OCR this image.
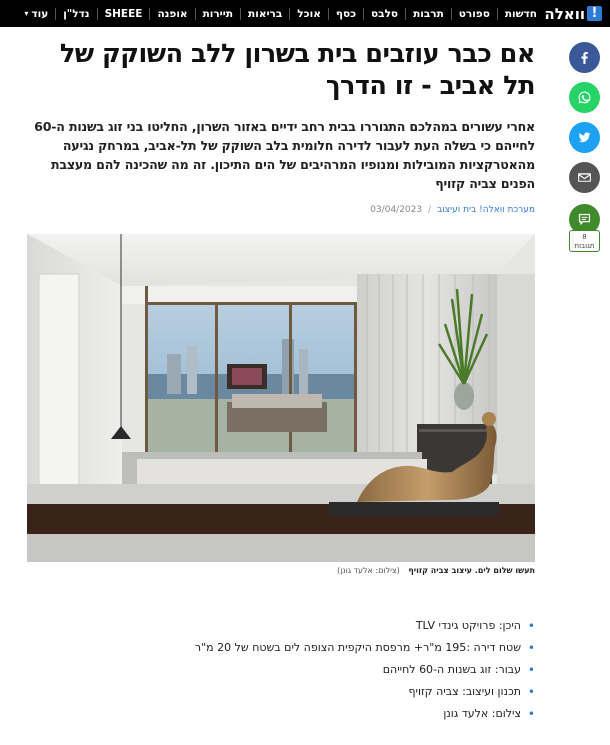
!
וואלה
חדשות
ספורט
תרבות
סלבס
כסף
אוכל
בריאות
תיירות
אופנה
SHEEE
נדל"ן
עוד
▾
8
תגובות
אם כבר עוזבים בית בשרון ללב השוקק של תל אביב - זו הדרך

אחרי עשורים במהלכם התגוררו בבית רחב ידיים באזור השרון, החליטו בני זוג בשנות ה-60 לחייהם כי בשלה העת לעבור לדירה חלומית בלב השוקק של תל-אביב, במרחק נגיעה מהאטרקציות המובילות ומנופיו המרהיבים של הים התיכון. זה מה שהכינה להם מעצבת הפנים צביה קזויף

מערכת וואלה! בית ועיצוב
/
03/04/2023
תעשו שלום לים. עיצוב צביה קזויף (צילום: אלעד גונן)
• היכן: פרויקט גינדי TLV
• שטח דירה :195 מ"ר+ מרפסת היקפית הצופה לים בשטח של 20 מ"ר
• עבור: זוג בשנות ה-60 לחייהם
• תכנון ועיצוב: צביה קזויף
• צילום: אלעד גונן
